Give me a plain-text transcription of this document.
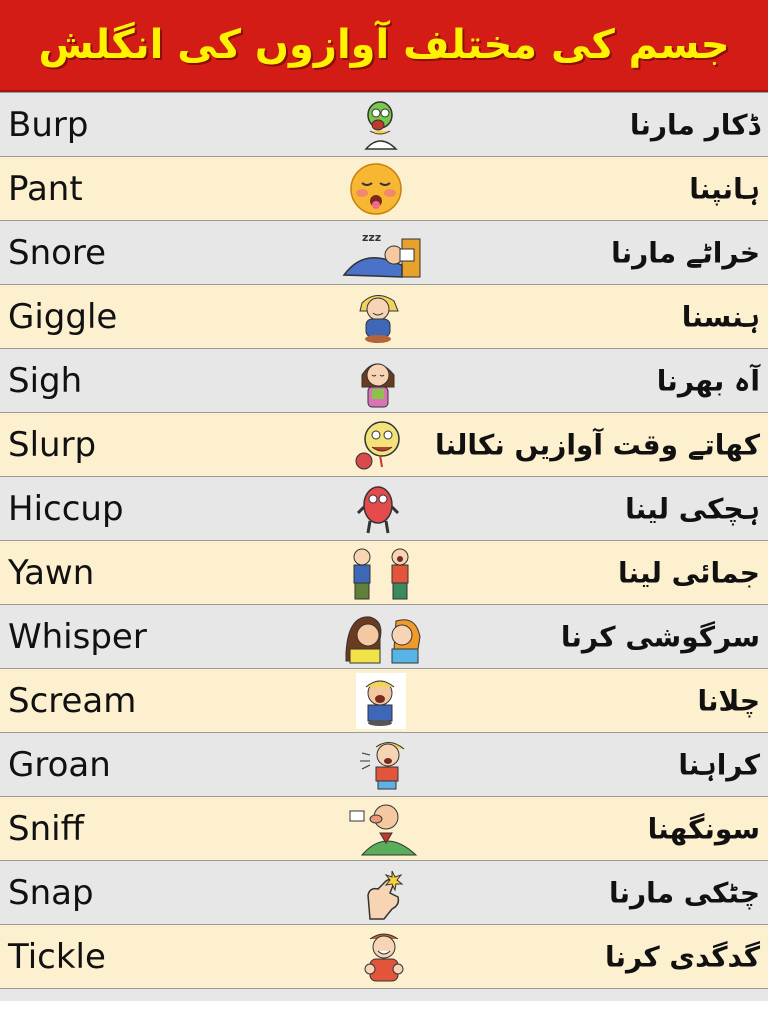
جسم کی مختلف آوازوں کی انگلش
Burp	ڈکار مارنا
Pant	ہانپنا
Snore	zzz	خراٹے مارنا
Giggle	ہنسنا
Sigh	آہ بھرنا
Slurp	کھاتے وقت آوازیں نکالنا
Hiccup	ہچکی لینا
Yawn	جمائی لینا
Whisper	سرگوشی کرنا
Scream	چلانا
Groan	کراہنا
Sniff	سونگھنا
Snap	چٹکی مارنا
Tickle	گدگدی کرنا
